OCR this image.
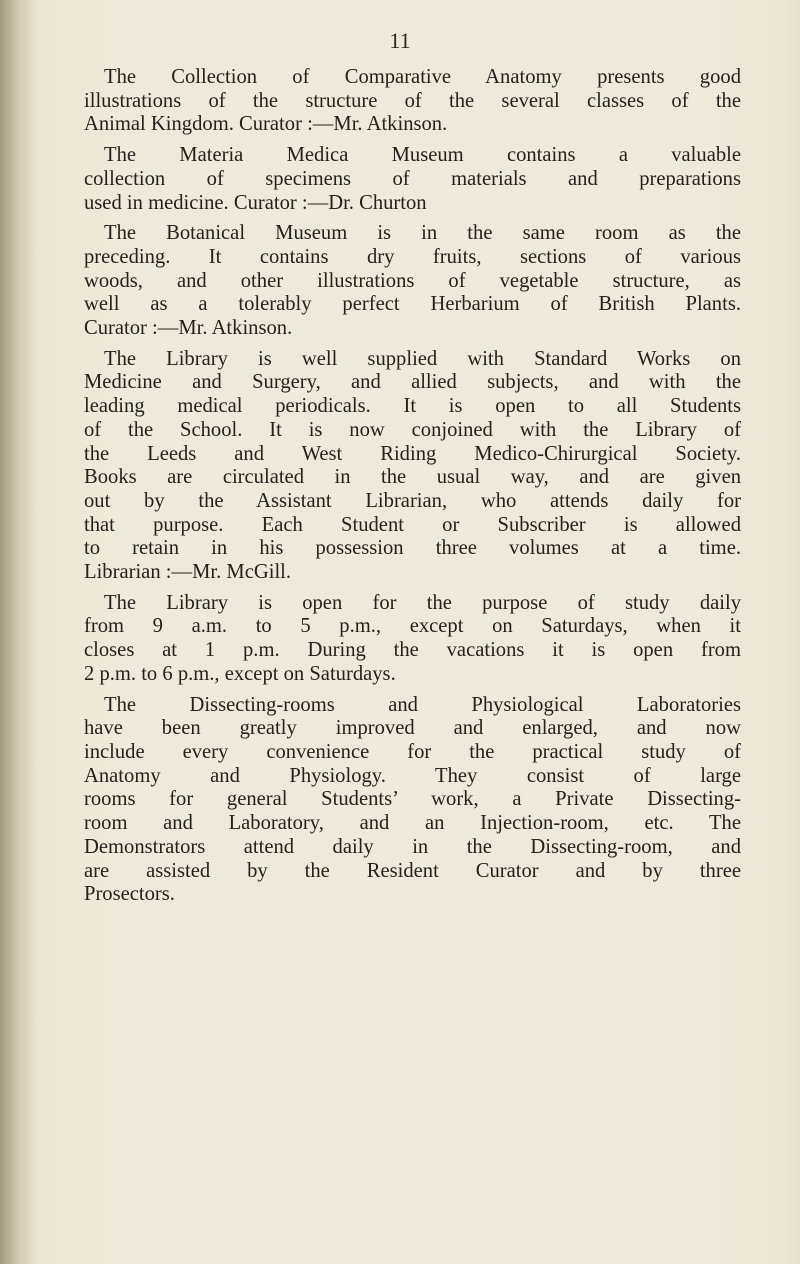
11

The Collection of Comparative Anatomy presents good
illustrations of the structure of the several classes of the
Animal Kingdom. Curator :—Mr. Atkinson.

The Materia Medica Museum contains a valuable
collection of specimens of materials and preparations
used in medicine. Curator :—Dr. Churton

The Botanical Museum is in the same room as the
preceding. It contains dry fruits, sections of various
woods, and other illustrations of vegetable structure, as
well as a tolerably perfect Herbarium of British Plants.
Curator :—Mr. Atkinson.

The Library is well supplied with Standard Works on
Medicine and Surgery, and allied subjects, and with the
leading medical periodicals. It is open to all Students
of the School. It is now conjoined with the Library of
the Leeds and West Riding Medico-Chirurgical Society.
Books are circulated in the usual way, and are given
out by the Assistant Librarian, who attends daily for
that purpose. Each Student or Subscriber is allowed
to retain in his possession three volumes at a time.
Librarian :—Mr. McGill.

The Library is open for the purpose of study daily
from 9 a.m. to 5 p.m., except on Saturdays, when it
closes at 1 p.m. During the vacations it is open from
2 p.m. to 6 p.m., except on Saturdays.

The Dissecting-rooms and Physiological Laboratories
have been greatly improved and enlarged, and now
include every convenience for the practical study of
Anatomy and Physiology. They consist of large
rooms for general Students’ work, a Private Dissecting-
room and Laboratory, and an Injection-room, etc. The
Demonstrators attend daily in the Dissecting-room, and
are assisted by the Resident Curator and by three
Prosectors.
